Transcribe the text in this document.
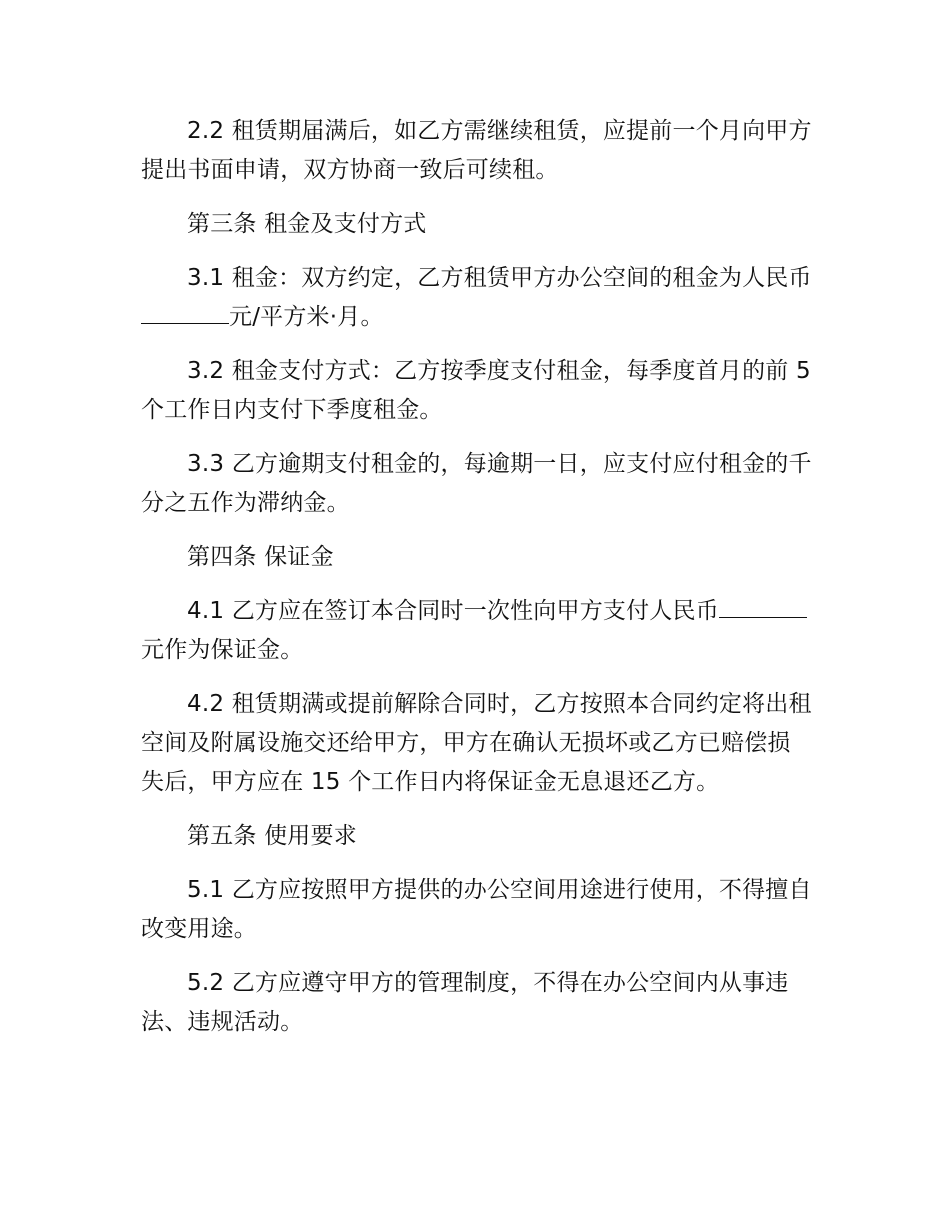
2.2 租赁期届满后，如乙方需继续租赁，应提前一个月向甲方提出书面申请，双方协商一致后可续租。

第三条 租金及支付方式

3.1 租金：双方约定，乙方租赁甲方办公空间的租金为人民币元/平方米·月。

3.2 租金支付方式：乙方按季度支付租金，每季度首月的前 5 个工作日内支付下季度租金。

3.3 乙方逾期支付租金的，每逾期一日，应支付应付租金的千分之五作为滞纳金。

第四条 保证金

4.1 乙方应在签订本合同时一次性向甲方支付人民币元作为保证金。

4.2 租赁期满或提前解除合同时，乙方按照本合同约定将出租空间及附属设施交还给甲方，甲方在确认无损坏或乙方已赔偿损失后，甲方应在 15 个工作日内将保证金无息退还乙方。

第五条 使用要求

5.1 乙方应按照甲方提供的办公空间用途进行使用，不得擅自改变用途。

5.2 乙方应遵守甲方的管理制度，不得在办公空间内从事违法、违规活动。
